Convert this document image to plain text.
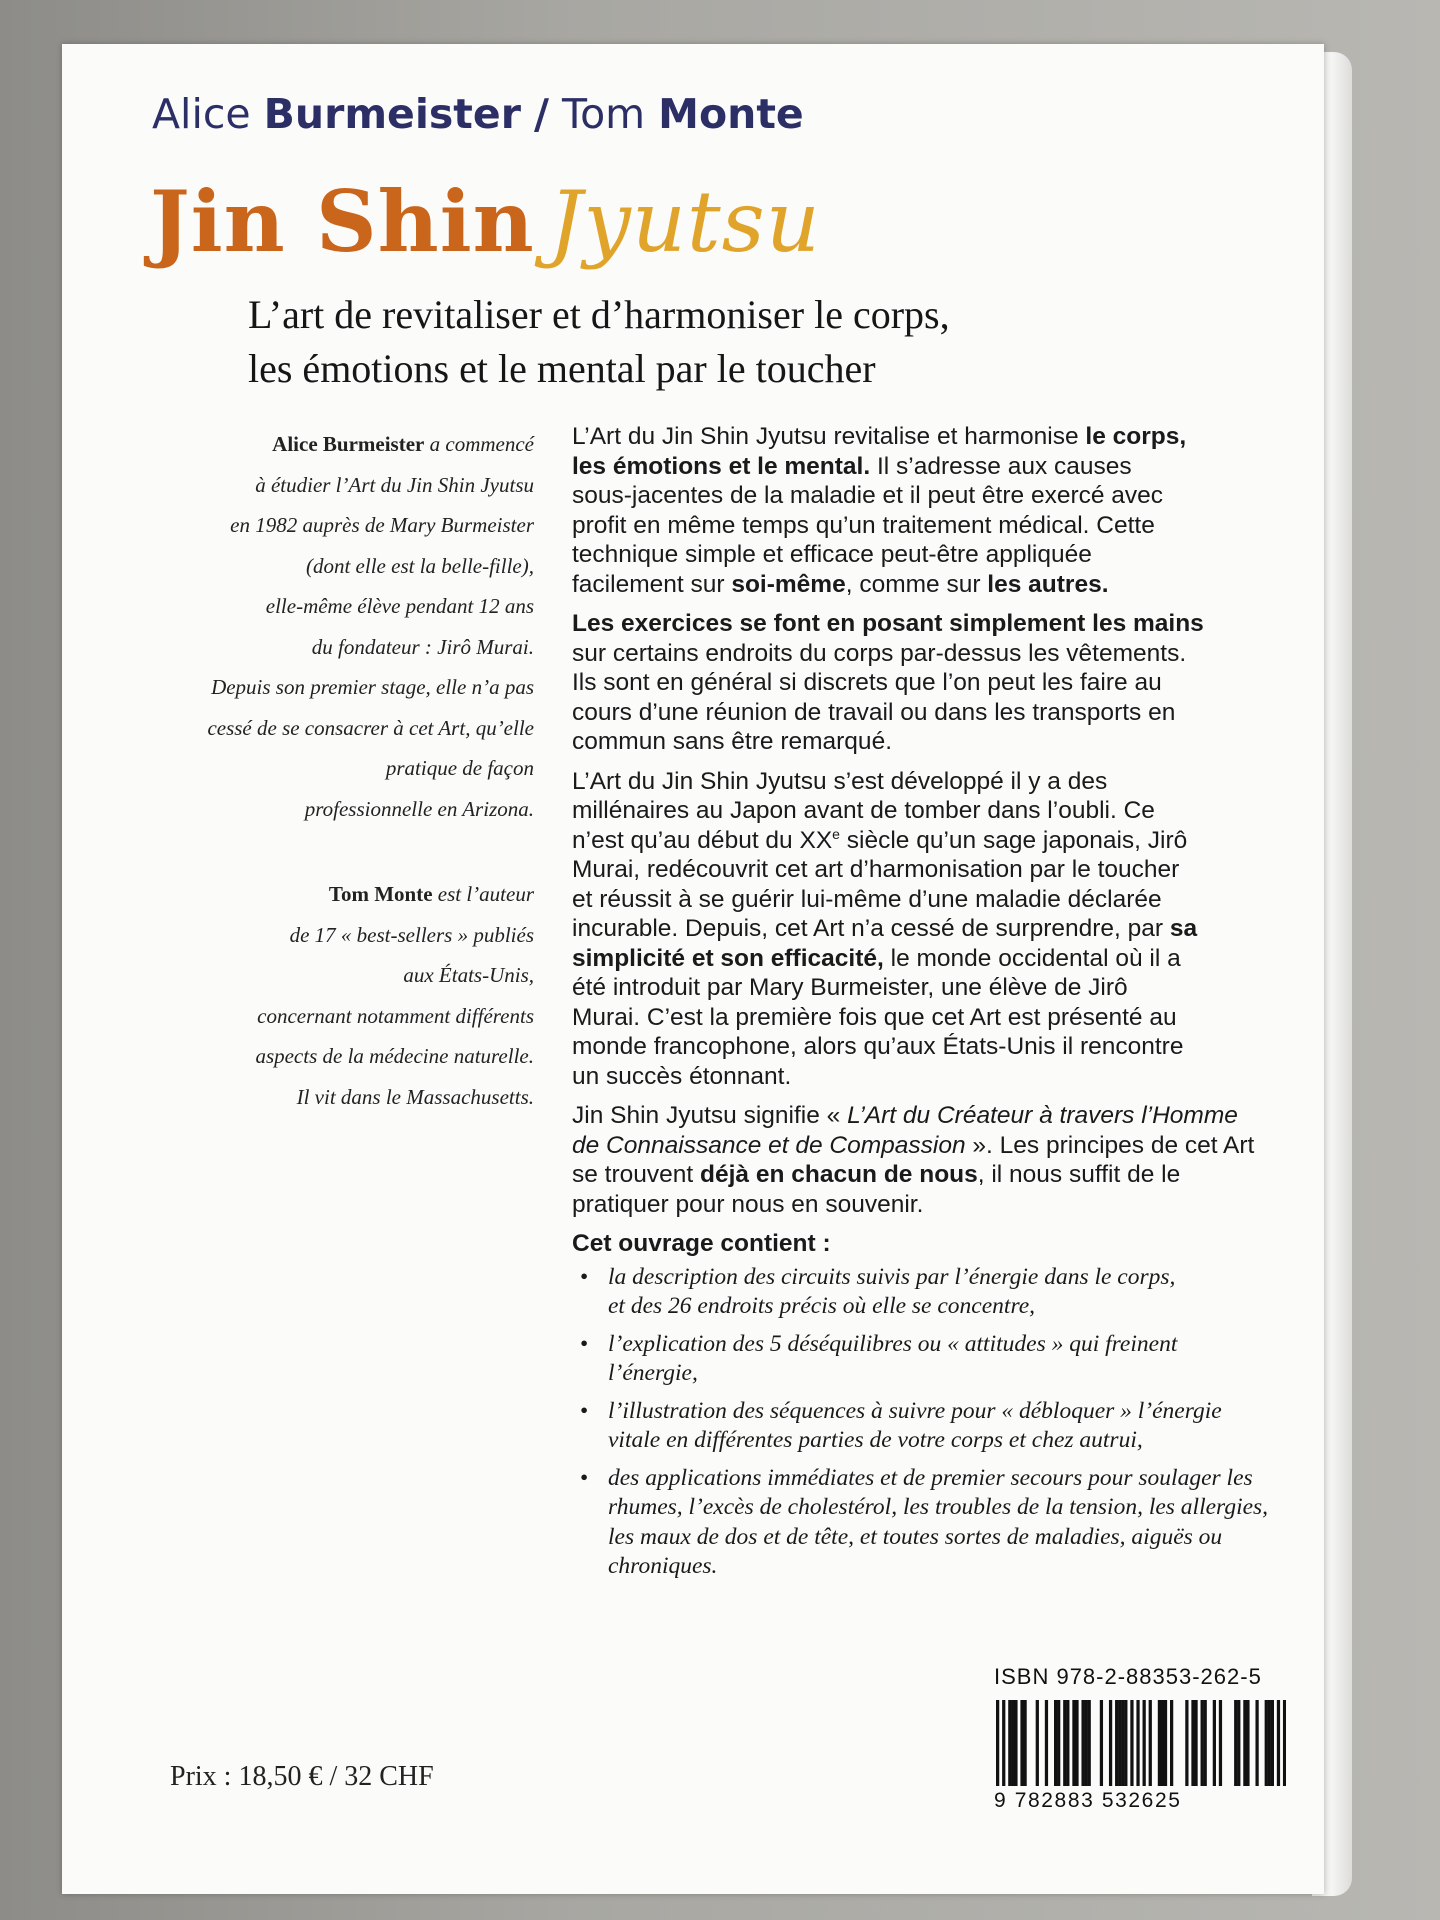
Alice Burmeister / Tom Monte
Jin Shin Jyutsu
L’art de revitaliser et d’harmoniser le corps,
les émotions et le mental par le toucher
Alice Burmeister a commencé
à étudier l’Art du Jin Shin Jyutsu
en 1982 auprès de Mary Burmeister
(dont elle est la belle-fille),
elle-même élève pendant 12 ans
du fondateur : Jirô Murai.
Depuis son premier stage, elle n’a pas
cessé de se consacrer à cet Art, qu’elle
pratique de façon
professionnelle en Arizona.
Tom Monte est l’auteur
de 17 « best-sellers » publiés
aux États-Unis,
concernant notamment différents
aspects de la médecine naturelle.
Il vit dans le Massachusetts.

L’Art du Jin Shin Jyutsu revitalise et harmonise le corps,
les émotions et le mental. Il s’adresse aux causes
sous-jacentes de la maladie et il peut être exercé avec
profit en même temps qu’un traitement médical. Cette
technique simple et efficace peut-être appliquée
facilement sur soi-même, comme sur les autres.

Les exercices se font en posant simplement les mains
sur certains endroits du corps par-dessus les vêtements.
Ils sont en général si discrets que l’on peut les faire au
cours d’une réunion de travail ou dans les transports en
commun sans être remarqué.

L’Art du Jin Shin Jyutsu s’est développé il y a des
millénaires au Japon avant de tomber dans l’oubli. Ce
n’est qu’au début du XXe siècle qu’un sage japonais, Jirô
Murai, redécouvrit cet art d’harmonisation par le toucher
et réussit à se guérir lui-même d’une maladie déclarée
incurable. Depuis, cet Art n’a cessé de surprendre, par sa
simplicité et son efficacité, le monde occidental où il a
été introduit par Mary Burmeister, une élève de Jirô
Murai. C’est la première fois que cet Art est présenté au
monde francophone, alors qu’aux États-Unis il rencontre
un succès étonnant.

Jin Shin Jyutsu signifie « L’Art du Créateur à travers l’Homme
de Connaissance et de Compassion ». Les principes de cet Art
se trouvent déjà en chacun de nous, il nous suffit de le
pratiquer pour nous en souvenir.

Cet ouvrage contient :
• la description des circuits suivis par l’énergie dans le corps,
et des 26 endroits précis où elle se concentre,
• l’explication des 5 déséquilibres ou « attitudes » qui freinent
l’énergie,
• l’illustration des séquences à suivre pour « débloquer » l’énergie
vitale en différentes parties de votre corps et chez autrui,
• des applications immédiates et de premier secours pour soulager les
rhumes, l’excès de cholestérol, les troubles de la tension, les allergies,
les maux de dos et de tête, et toutes sortes de maladies, aiguës ou
chroniques.
Prix : 18,50 € / 32 CHF
ISBN 978-2-88353-262-5
9 782883 532625
